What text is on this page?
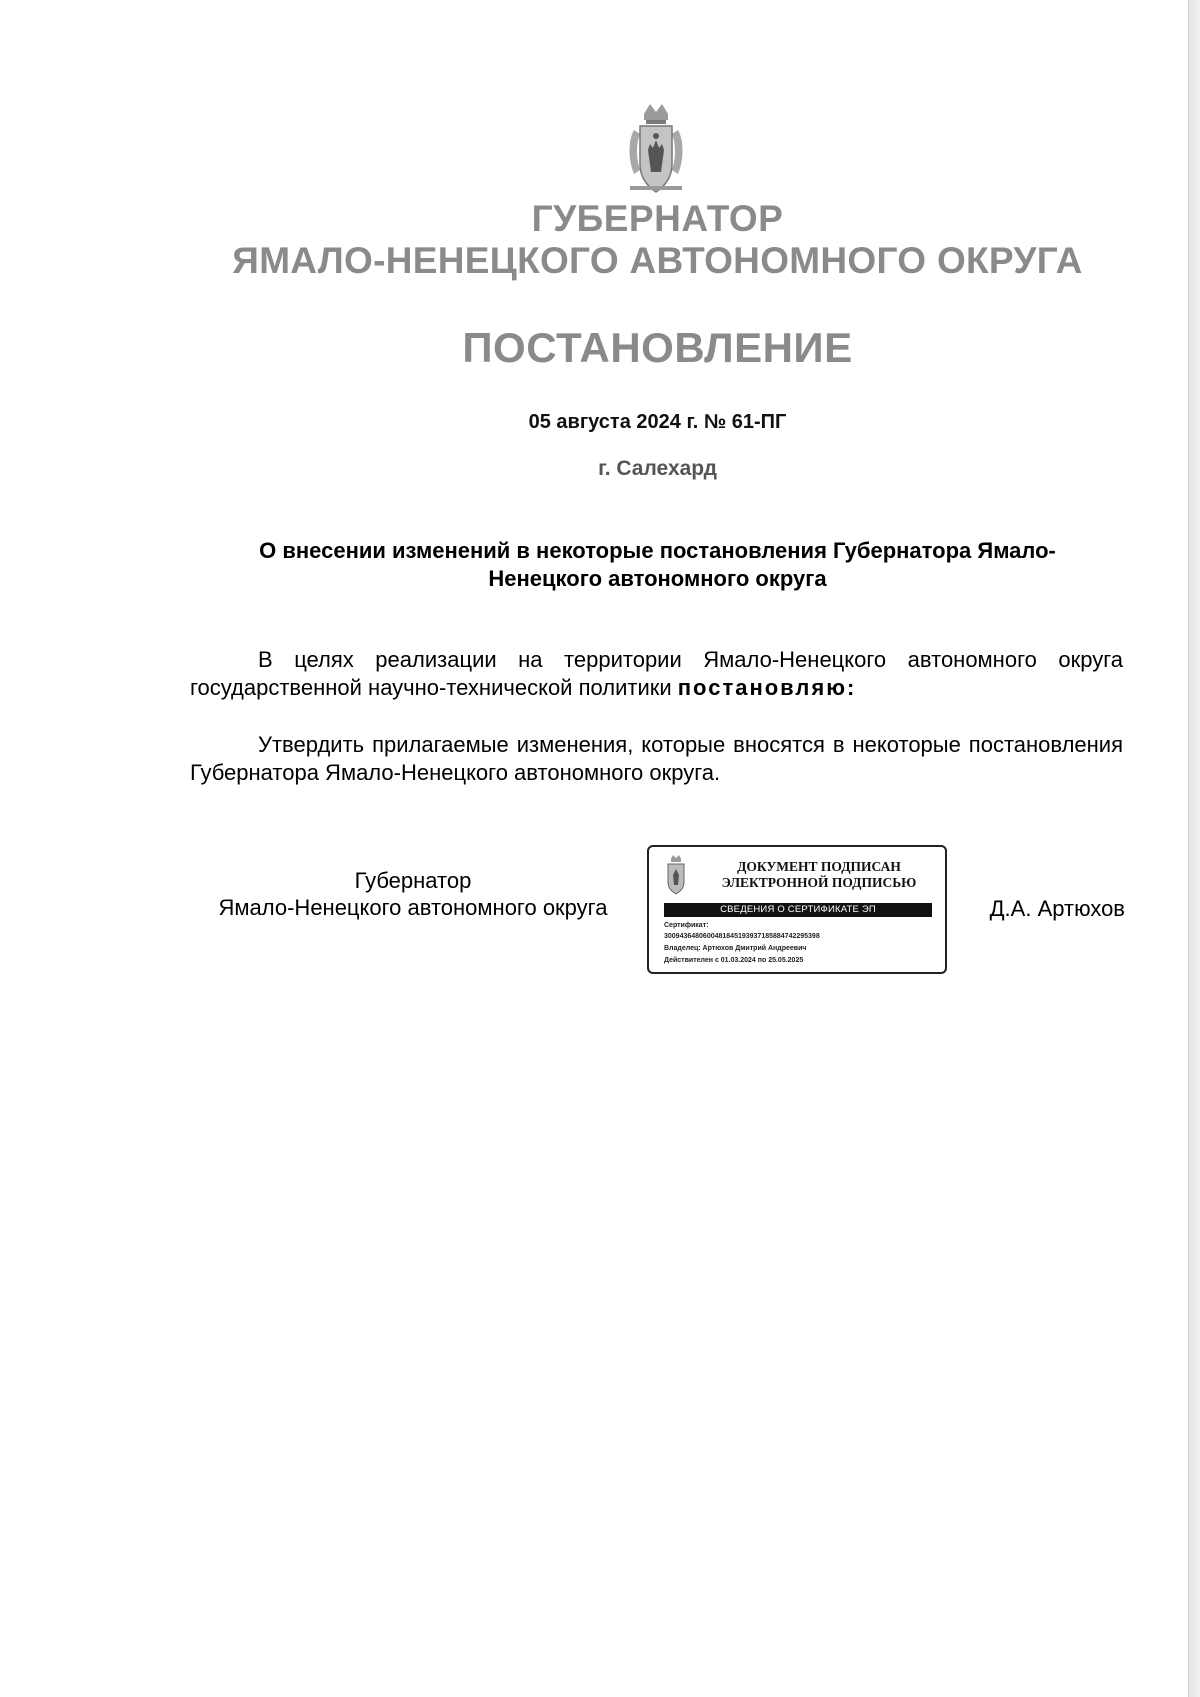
ГУБЕРНАТОР
ЯМАЛО-НЕНЕЦКОГО АВТОНОМНОГО ОКРУГА
ПОСТАНОВЛЕНИЕ
05 августа 2024 г. № 61-ПГ
г. Салехард

О внесении изменений в некоторые постановления Губернатора Ямало-Ненецкого автономного округа

В целях реализации на территории Ямало-Ненецкого автономного округа государственной научно-технической политики постановляю:

Утвердить прилагаемые изменения, которые вносятся в некоторые постановления Губернатора Ямало-Ненецкого автономного округа.

Губернатор
Ямало-Ненецкого автономного округа
ДОКУМЕНТ ПОДПИСАН
ЭЛЕКТРОННОЙ ПОДПИСЬЮ
СВЕДЕНИЯ О СЕРТИФИКАТЕ ЭП
Сертификат:
3009436480600481845193937185884742295398
Владелец: Артюхов Дмитрий Андреевич
Действителен с 01.03.2024 по 25.05.2025
Д.А. Артюхов
